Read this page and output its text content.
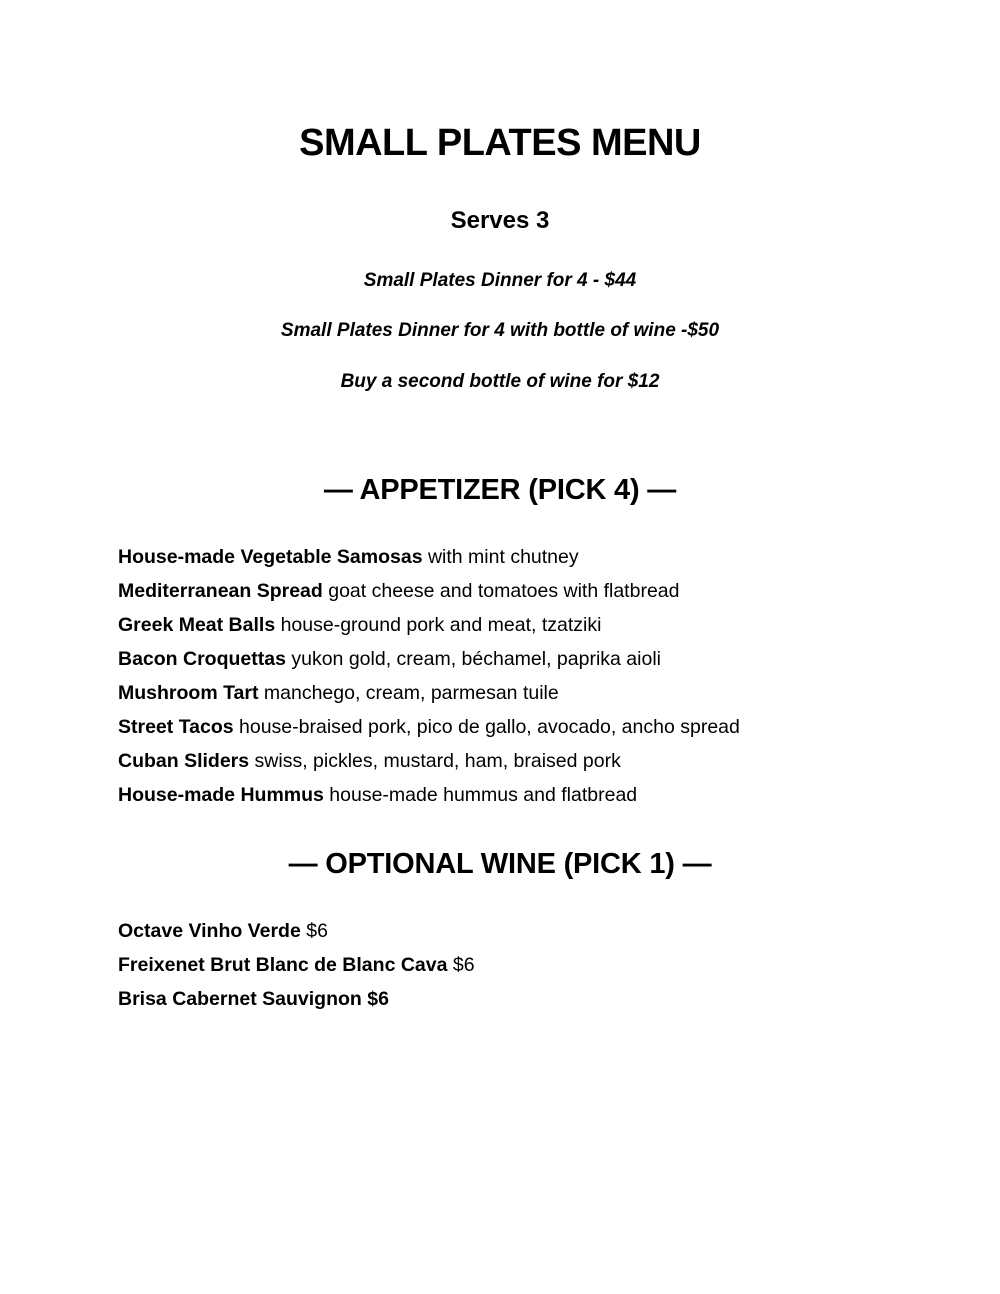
SMALL PLATES MENU
Serves 3

Small Plates Dinner for 4 - $44

Small Plates Dinner for 4 with bottle of wine -$50

Buy a second bottle of wine for $12

— APPETIZER (PICK 4) —
House-made Vegetable Samosas with mint chutney
Mediterranean Spread goat cheese and tomatoes with flatbread
Greek Meat Balls house-ground pork and meat, tzatziki
Bacon Croquettas yukon gold, cream, béchamel, paprika aioli
Mushroom Tart manchego, cream, parmesan tuile
Street Tacos house-braised pork, pico de gallo, avocado, ancho spread
Cuban Sliders swiss, pickles, mustard, ham, braised pork
House-made Hummus house-made hummus and flatbread
— OPTIONAL WINE (PICK 1) —
Octave Vinho Verde $6
Freixenet Brut Blanc de Blanc Cava $6
Brisa Cabernet Sauvignon $6
